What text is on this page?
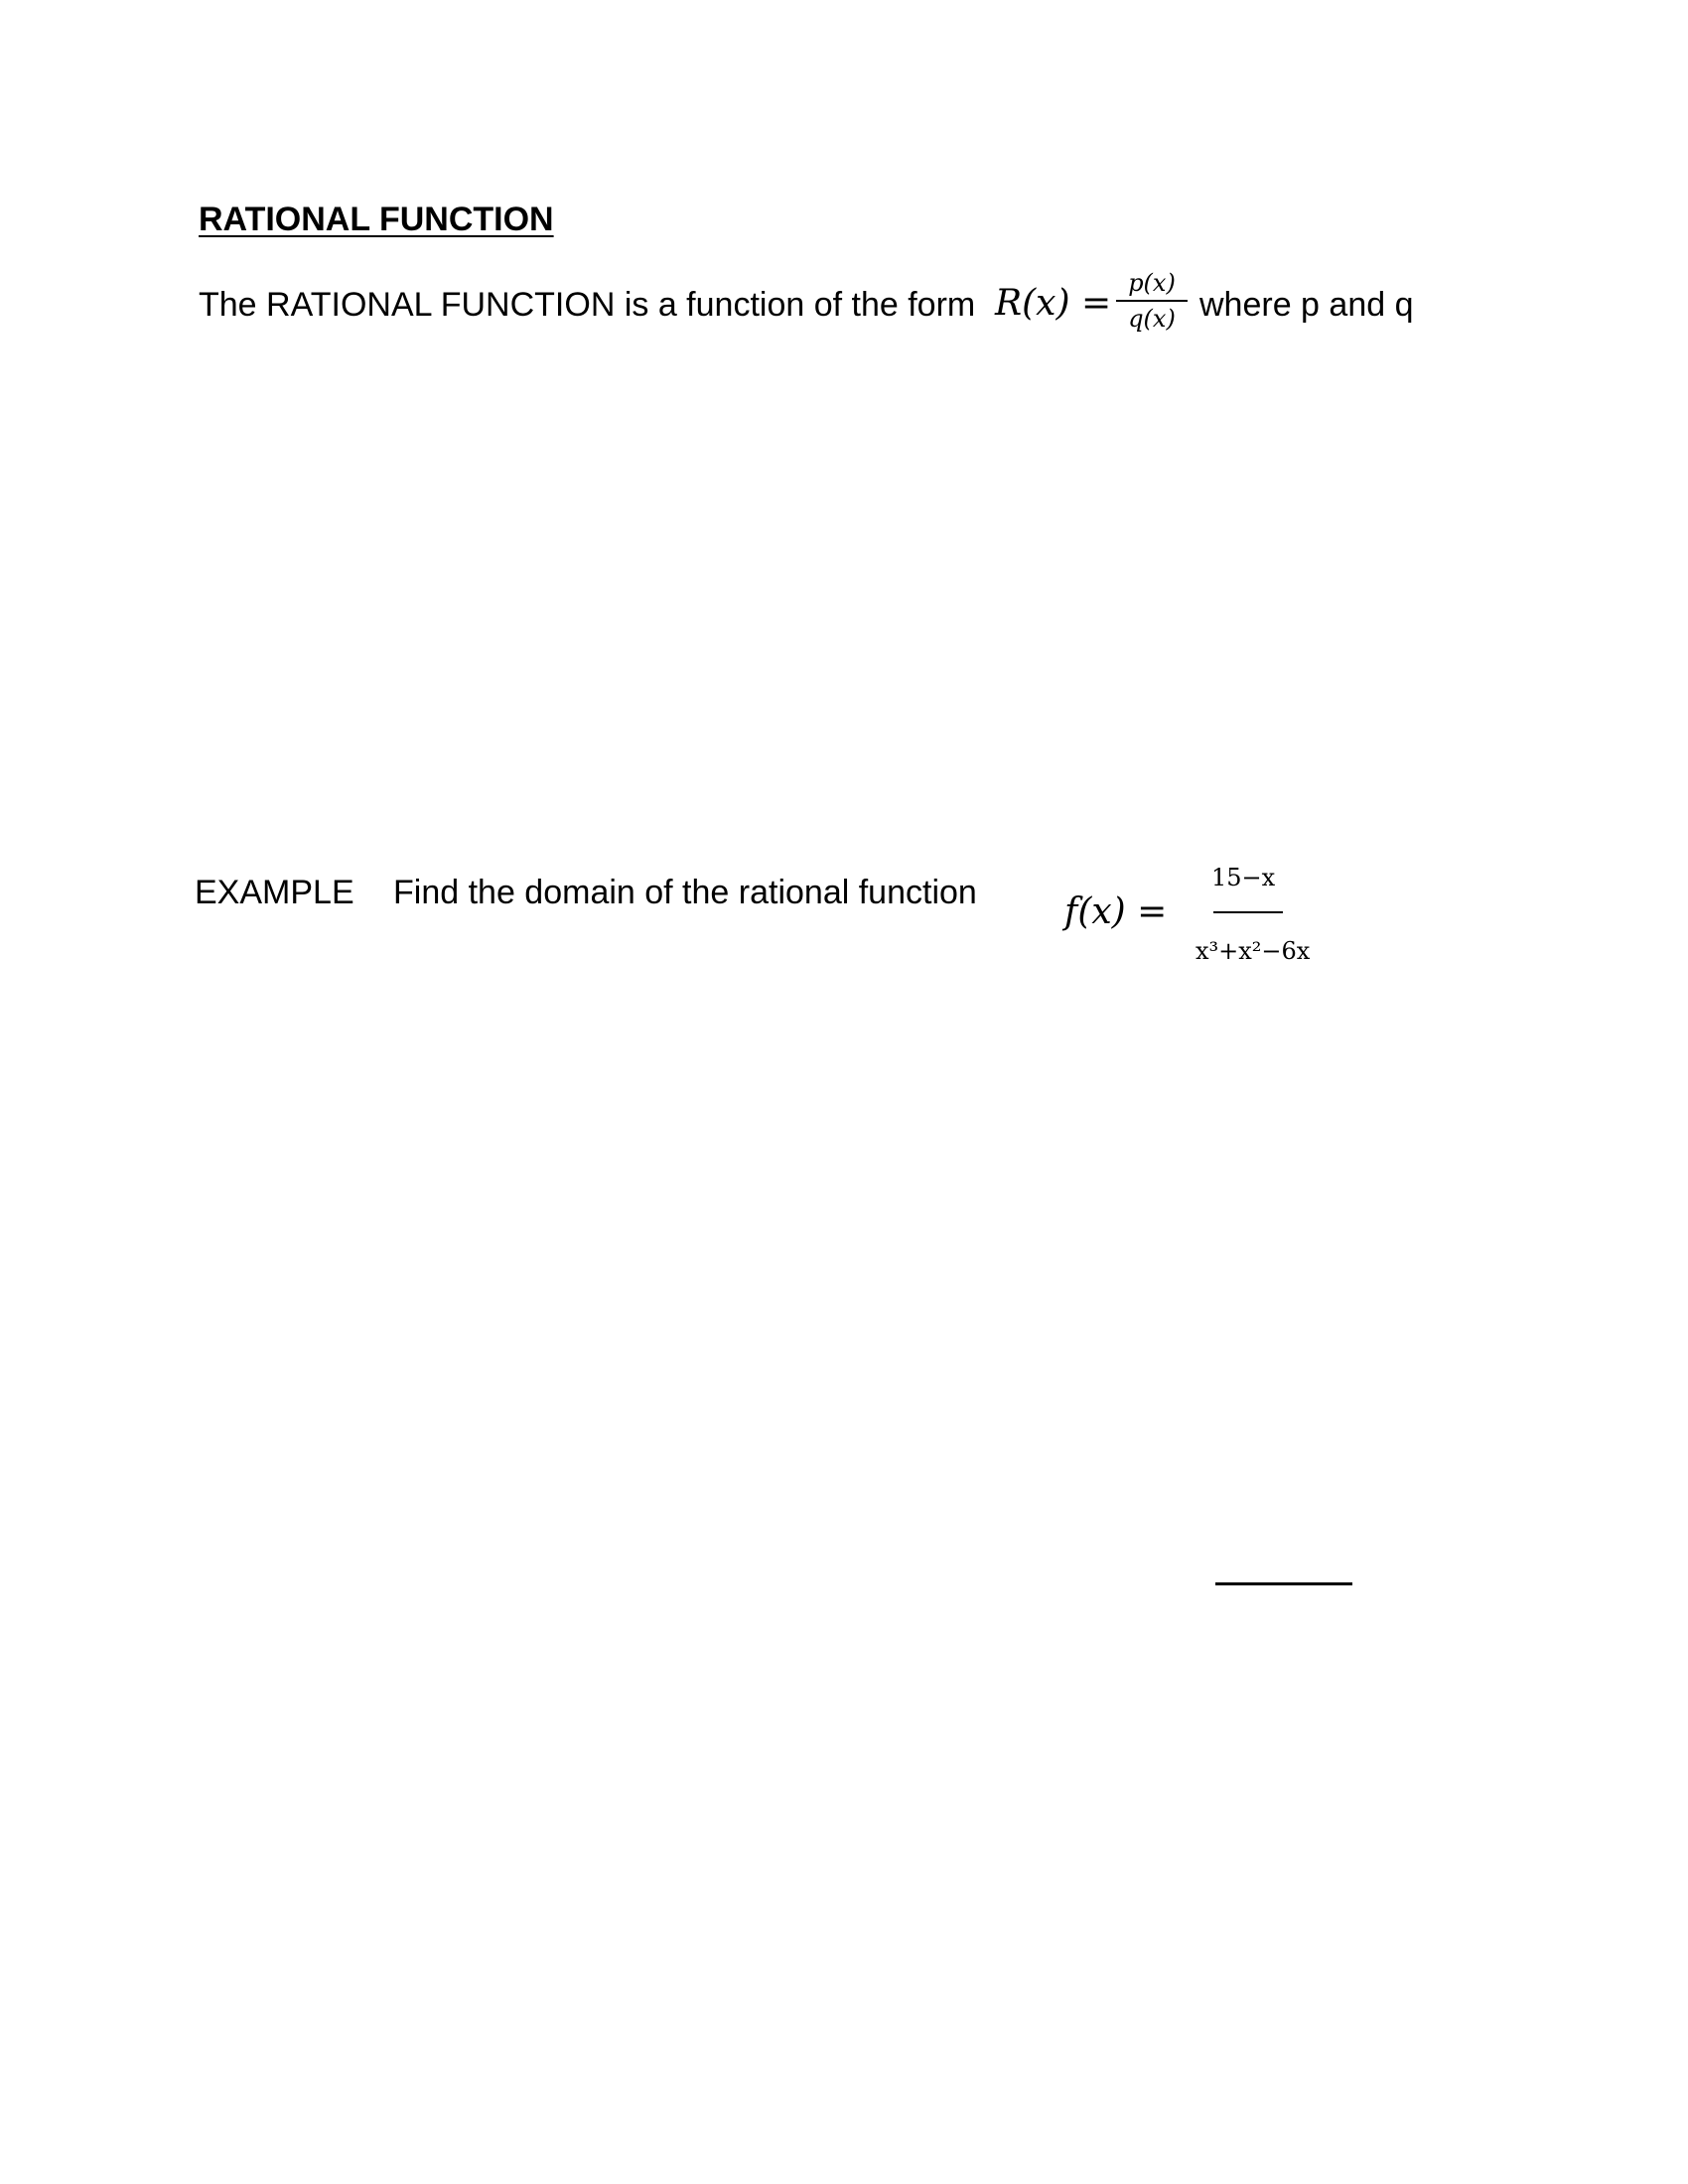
RATIONAL FUNCTION
The RATIONAL FUNCTION is a function of the form R(x) = p(x)
q(x) where p and q
EXAMPLE Find the domain of the rational function f(x) =
15−x
x³+x²−6x
